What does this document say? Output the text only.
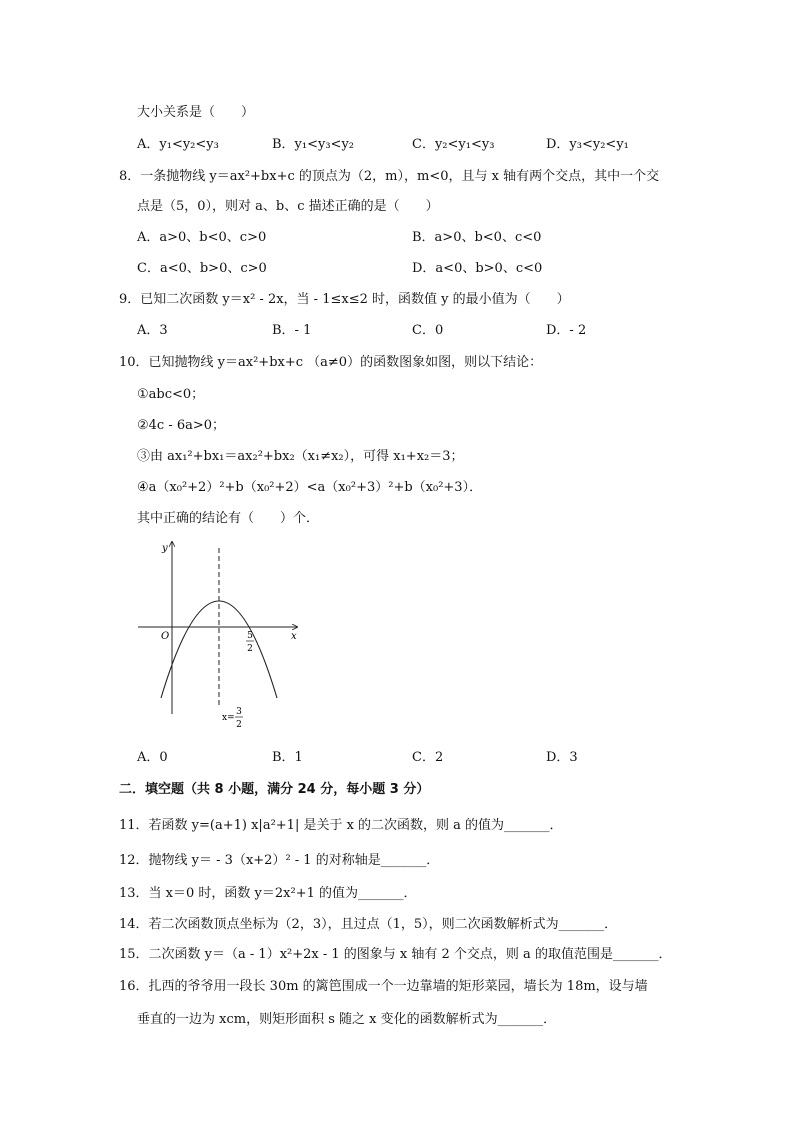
大小关系是（　　）
A．y₁<y₂<y₃	B．y₁<y₃<y₂	C．y₂<y₁<y₃	D．y₃<y₂<y₁
8．一条抛物线 y＝ax²+bx+c 的顶点为（2，m），m<0，且与 x 轴有两个交点，其中一个交
点是（5，0），则对 a、b、c 描述正确的是（　　）
A．a>0、b<0、c>0	B．a>0、b<0、c<0
C．a<0、b>0、c>0	D．a<0、b>0、c<0
9．已知二次函数 y＝x² - 2x，当 - 1≤x≤2 时，函数值 y 的最小值为（　　）
A．3	B．- 1	C．0	D．- 2
10．已知抛物线 y＝ax²+bx+c （a≠0）的函数图象如图，则以下结论：
①abc<0；
②4c - 6a>0；
③由 ax₁²+bx₁＝ax₂²+bx₂（x₁≠x₂），可得 x₁+x₂＝3；
④a（x₀²+2）²+b（x₀²+2）<a（x₀²+3）²+b（x₀²+3）．
其中正确的结论有（　　）个．
y
x
O	5
2
x=
3
2
A．0	B．1	C．2	D．3
二．填空题（共 8 小题，满分 24 分，每小题 3 分）
11．若函数 y=(a+1) x|a²+1| 是关于 x 的二次函数，则 a 的值为_______．
12．抛物线 y＝ - 3（x+2）² - 1 的对称轴是_______．
13．当 x＝0 时，函数 y＝2x²+1 的值为_______．
14．若二次函数顶点坐标为（2，3），且过点（1，5），则二次函数解析式为_______．
15．二次函数 y＝（a - 1）x²+2x - 1 的图象与 x 轴有 2 个交点，则 a 的取值范围是_______．
16．扎西的爷爷用一段长 30m 的篱笆围成一个一边靠墙的矩形菜园，墙长为 18m，设与墙
垂直的一边为 xcm，则矩形面积 s 随之 x 变化的函数解析式为_______．
